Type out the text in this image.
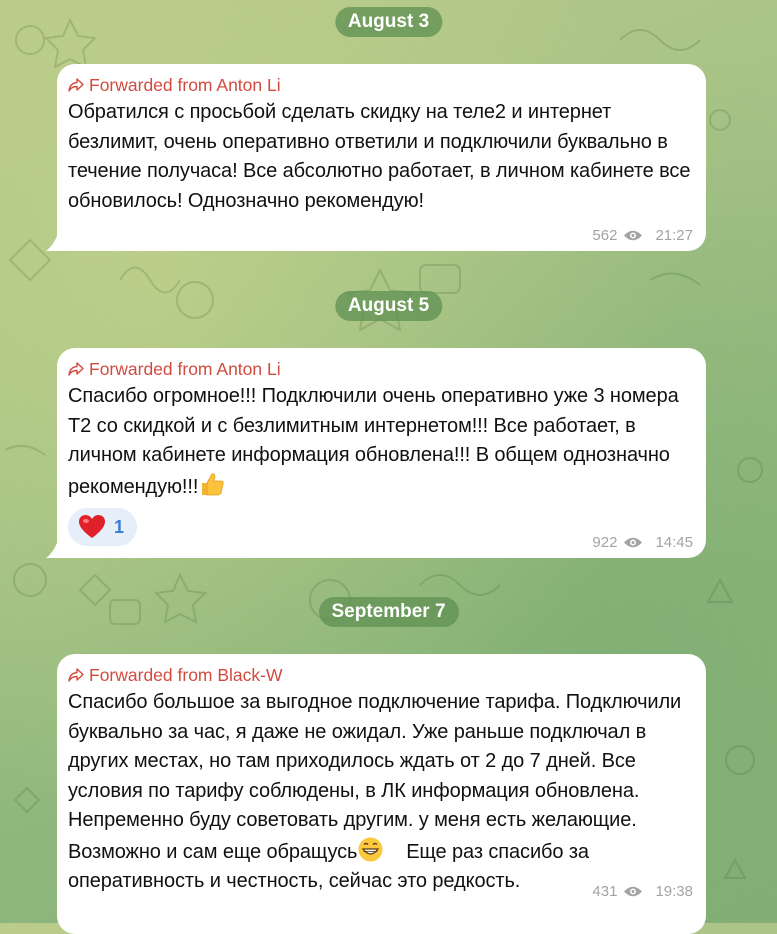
August 3
Forwarded from Anton Li
Обратился с просьбой сделать скидку на теле2 и интернет безлимит, очень оперативно ответили и подключили буквально в течение получаса! Все абсолютно работает, в личном кабинете все обновилось! Однозначно рекомендую!
562	21:27
August 5
Forwarded from Anton Li
Спасибо огромное!!! Подключили очень оперативно уже 3 номера Т2 со скидкой и с безлимитным интернетом!!! Все работает, в личном кабинете информация обновлена!!! В общем однозначно рекомендую!!!
1
922	14:45
September 7
Forwarded from Black-W
Спасибо большое за выгодное подключение тарифа. Подключили буквально за час, я даже не ожидал. Уже раньше подключал в других местах, но там приходилось ждать от 2 до 7 дней. Все условия по тарифу соблюдены, в ЛК информация обновлена. Непременно буду советовать другим. у меня есть желающие. Возможно и сам еще обращусь Еще раз спасибо за оперативность и честность, сейчас это редкость.	431	19:38
